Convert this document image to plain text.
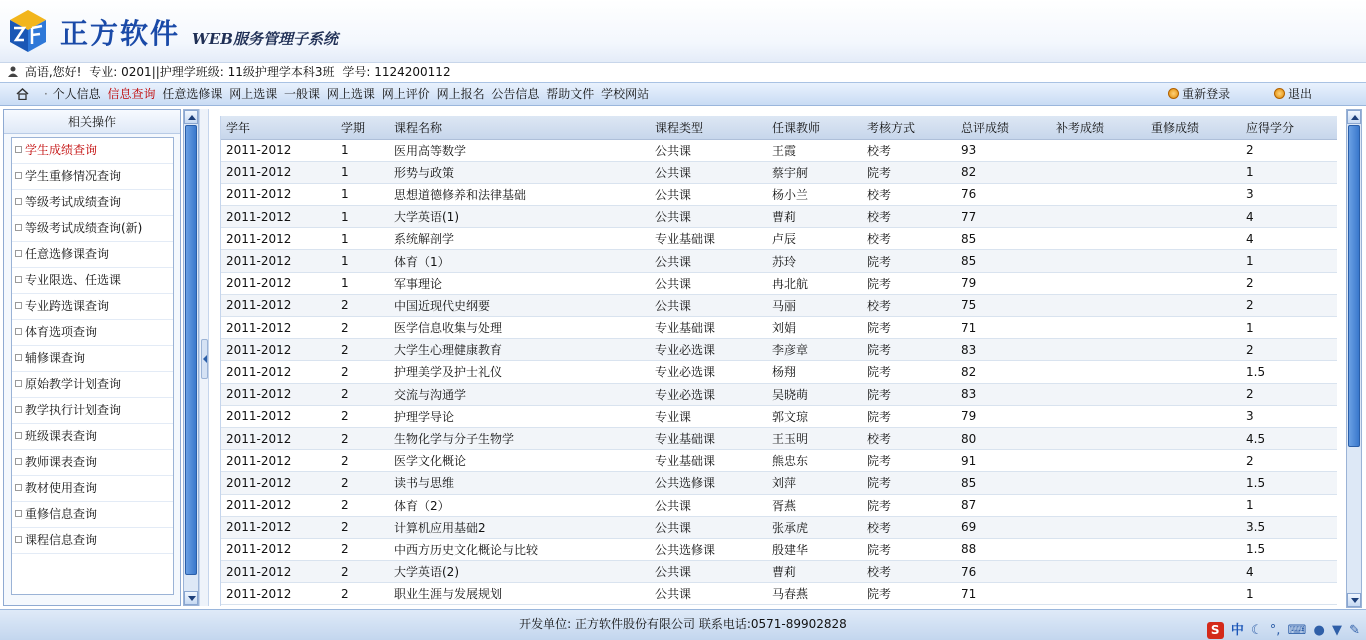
正方软件 WEB服务管理子系统
高语,您好! 专业: 0201||护理学班级: 11级护理学本科3班 学号: 1124200112
· 个人信息 信息查询 任意选修课 网上选课 一般课 网上选课 网上评价 网上报名 公告信息 帮助文件 学校网站	重新登录	退出
相关操作
学生成绩查询
学生重修情况查询
等级考试成绩查询
等级考试成绩查询(新)
任意选修课查询
专业限选、任选课
专业跨选课查询
体育选项查询
辅修课查询
原始教学计划查询
教学执行计划查询
班级课表查询
教师课表查询
教材使用查询
重修信息查询
课程信息查询
学年	学期	课程名称	课程类型	任课教师	考核方式	总评成绩	补考成绩	重修成绩	应得学分
2011-2012	1	医用高等数学	公共课	王霞	校考	93			2
2011-2012	1	形势与政策	公共课	蔡宇舸	院考	82			1
2011-2012	1	思想道德修养和法律基础	公共课	杨小兰	校考	76			3
2011-2012	1	大学英语(1)	公共课	曹莉	校考	77			4
2011-2012	1	系统解剖学	专业基础课	卢辰	校考	85			4
2011-2012	1	体育（1）	公共课	苏玲	院考	85			1
2011-2012	1	军事理论	公共课	冉北航	院考	79			2
2011-2012	2	中国近现代史纲要	公共课	马丽	校考	75			2
2011-2012	2	医学信息收集与处理	专业基础课	刘娟	院考	71			1
2011-2012	2	大学生心理健康教育	专业必选课	李彦章	院考	83			2
2011-2012	2	护理美学及护士礼仪	专业必选课	杨翔	院考	82			1.5
2011-2012	2	交流与沟通学	专业必选课	吴晓萌	院考	83			2
2011-2012	2	护理学导论	专业课	郭文琼	院考	79			3
2011-2012	2	生物化学与分子生物学	专业基础课	王玉明	校考	80			4.5
2011-2012	2	医学文化概论	专业基础课	熊忠东	院考	91			2
2011-2012	2	读书与思维	公共选修课	刘萍	院考	85			1.5
2011-2012	2	体育（2）	公共课	胥燕	院考	87			1
2011-2012	2	计算机应用基础2	公共课	张承虎	校考	69			3.5
2011-2012	2	中西方历史文化概论与比较	公共选修课	殷建华	院考	88			1.5
2011-2012	2	大学英语(2)	公共课	曹莉	校考	76			4
2011-2012	2	职业生涯与发展规划	公共课	马春燕	院考	71			1
开发单位: 正方软件股份有限公司 联系电话:0571-89902828	S 中 ☾ °, ⌨ ● ▼ ✎
